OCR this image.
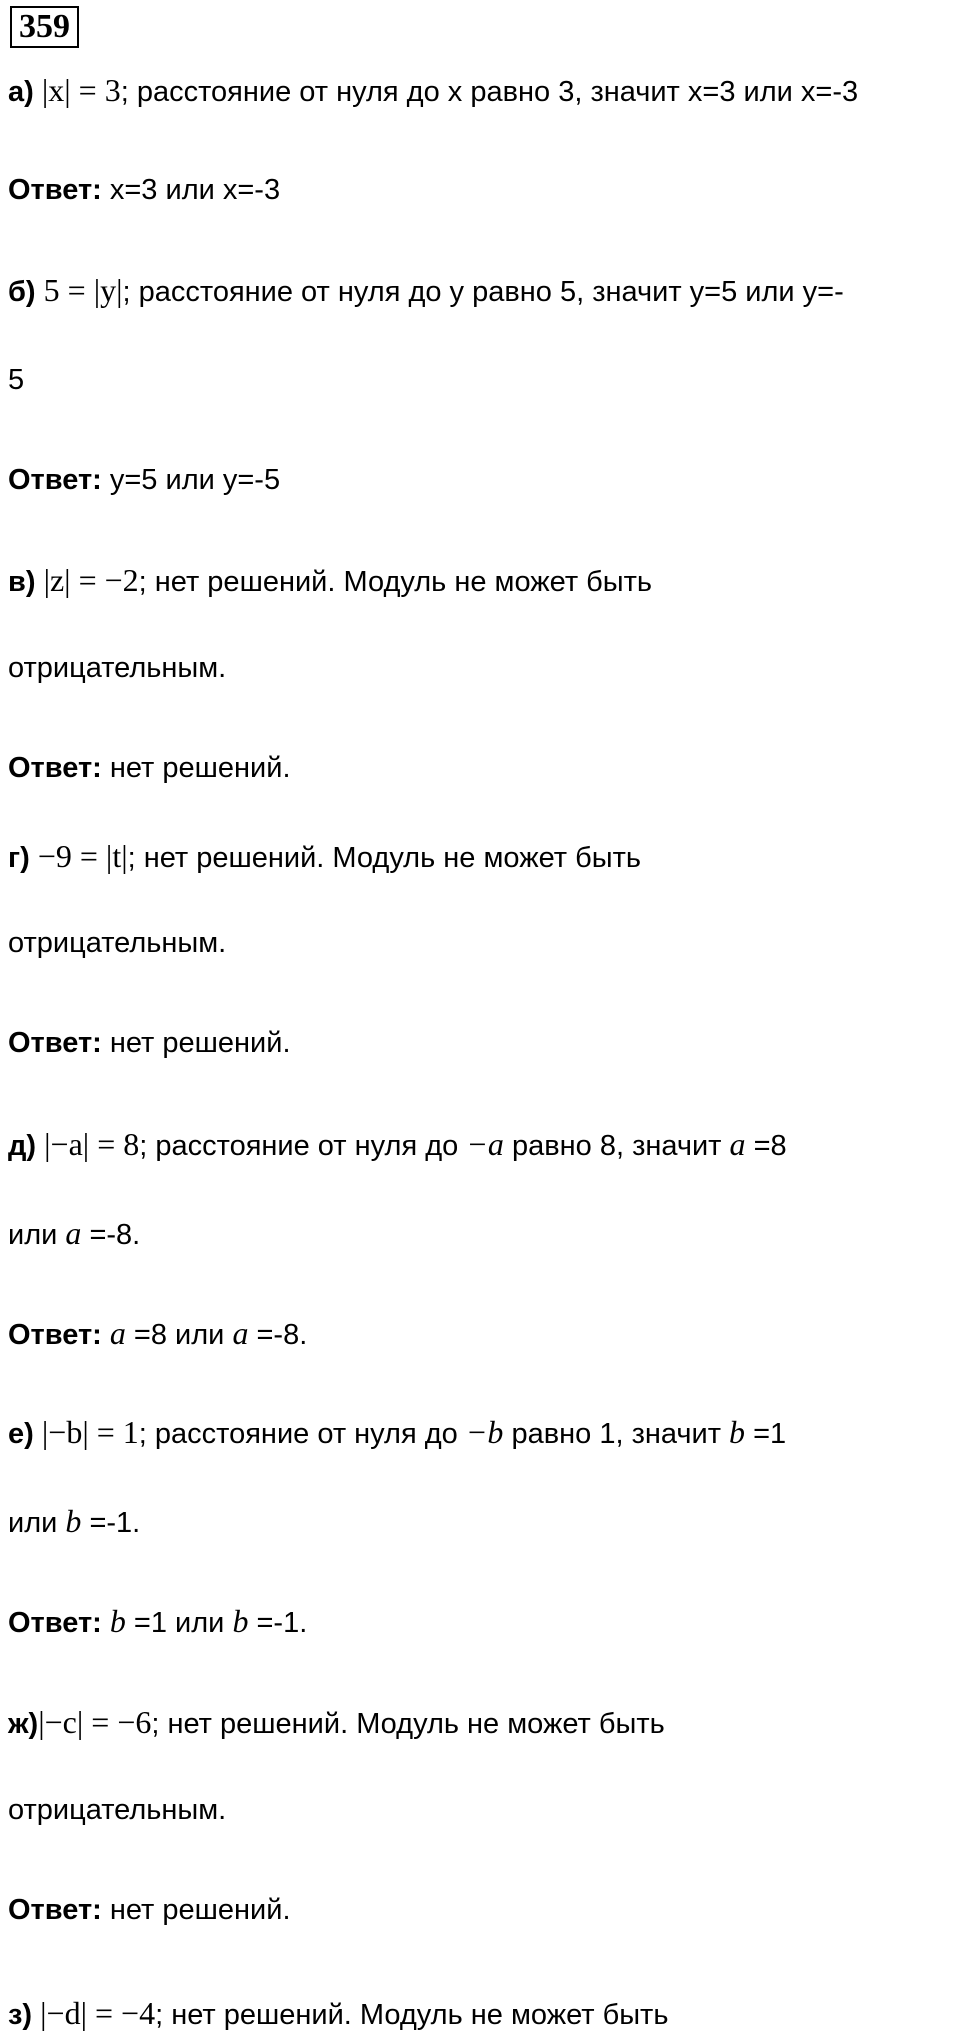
359
а) |x| = 3; расстояние от нуля до х равно 3, значит х=3 или х=-3
Ответ: х=3 или х=-3
б) 5 = |y|; расстояние от нуля до у равно 5, значит у=5 или у=-
5
Ответ: у=5 или у=-5
в) |z| = −2; нет решений. Модуль не может быть
отрицательным.
Ответ: нет решений.
г) −9 = |t|; нет решений. Модуль не может быть
отрицательным.
Ответ: нет решений.
д) |−a| = 8; расстояние от нуля до −a равно 8, значит a =8
или a =-8.
Ответ: a =8 или a =-8.
е) |−b| = 1; расстояние от нуля до −b равно 1, значит b =1
или b =-1.
Ответ: b =1 или b =-1.
ж)|−c| = −6; нет решений. Модуль не может быть
отрицательным.
Ответ: нет решений.
з) |−d| = −4; нет решений. Модуль не может быть
